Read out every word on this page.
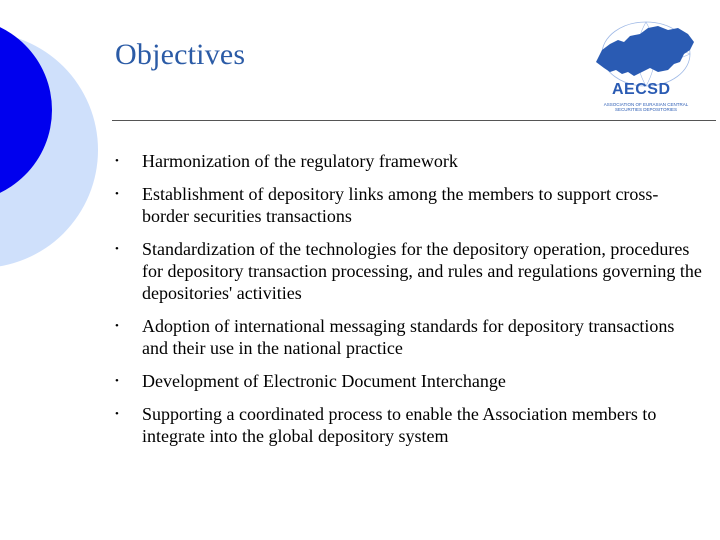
Objectives
AECSD
ASSOCIATION OF EURASIAN CENTRAL SECURITIES DEPOSITORIES
• Harmonization of the regulatory framework
• Establishment of depository links among the members to support cross-border securities transactions
• Standardization of the technologies for the depository operation, procedures for depository transaction processing, and rules and regulations governing the depositories' activities
• Adoption of international messaging standards for depository transactions and their use in the national practice
• Development of Electronic Document Interchange
• Supporting a coordinated process to enable the Association members to integrate into the global depository system
